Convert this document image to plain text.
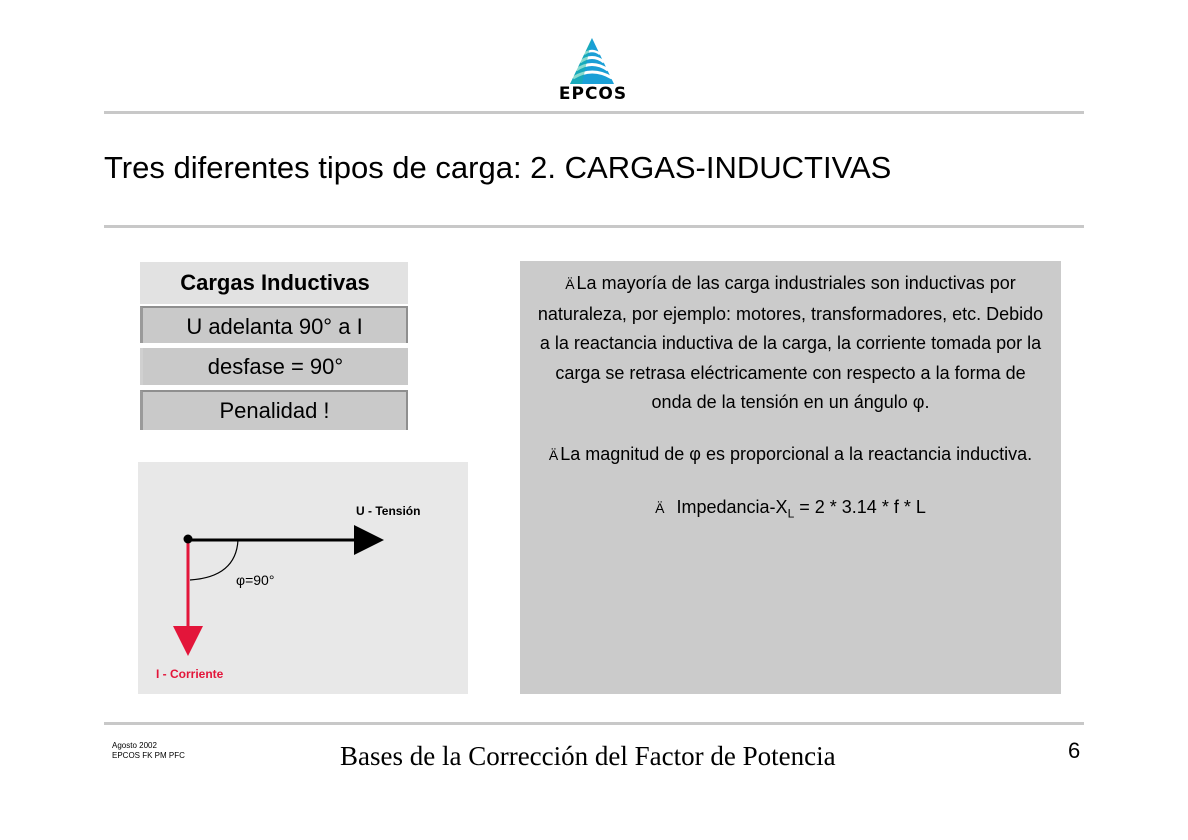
EPCOS
Tres diferentes tipos de carga: 2. CARGAS-INDUCTIVAS
Cargas Inductivas
U adelanta 90° a I
desfase = 90°
Penalidad !
U - Tensión
φ=90°
I - Corriente

Ä La mayoría de las carga industriales son inductivas por naturaleza, por ejemplo: motores, transformadores, etc. Debido a la reactancia inductiva de la carga, la corriente tomada por la carga se retrasa eléctricamente con respecto a la forma de onda de la tensión en un ángulo φ.

Ä La magnitud de φ es proporcional a la reactancia inductiva.

Ä Impedancia-$X_L = 2 * 3.14 * f * L$

Agosto 2002
EPCOS FK PM PFC	Bases de la Corrección del Factor de Potencia	6
